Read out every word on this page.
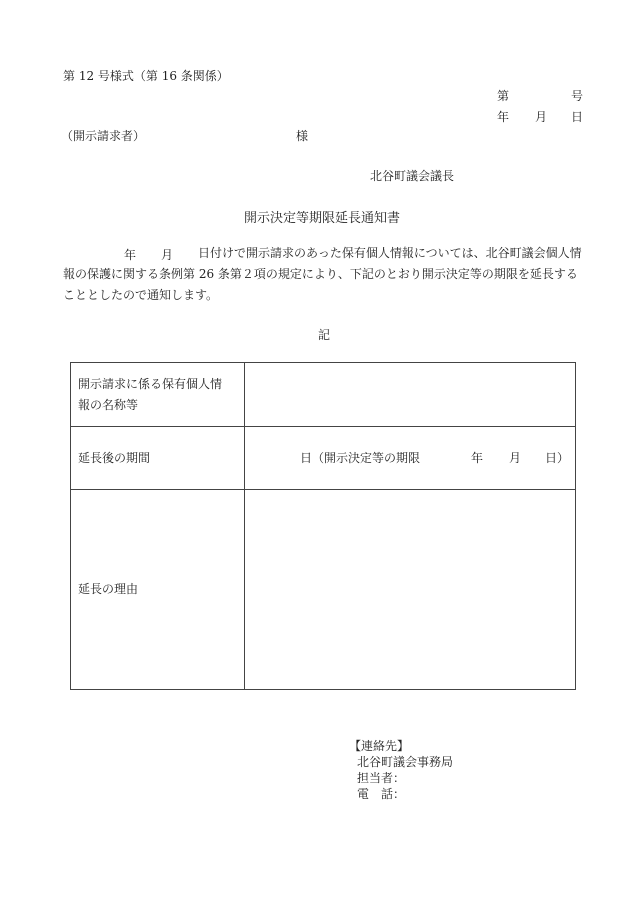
第 12 号様式（第 16 条関係）
第	号
年 月 日
（開示請求者）	様
北谷町議会議長
開示決定等期限延長通知書
年 月	日付けで開示請求のあった保有個人情報については、北谷町議会個人情報の保護に関する条例第 26 条第２項の規定により、下記のとおり開示決定等の期限を延長することとしたので通知します。
記
開示請求に係る保有個人情
報の名称等	

延長後の期間	日（開示決定等の期限 年 月 日）

延長の理由	
【連絡先】
北谷町議会事務局
担当者：
電　話：
